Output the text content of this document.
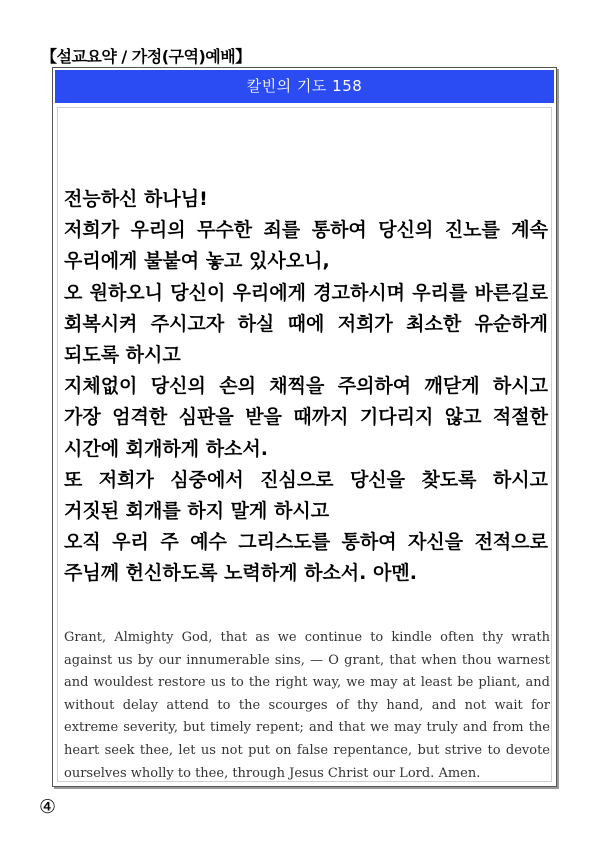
【설교요약 / 가정(구역)예배】
칼빈의 기도 158
전능하신 하나님!
저희가 우리의 무수한 죄를 통하여 당신의 진노를 계속 우리에게 불붙여 놓고 있사오니,
오 원하오니 당신이 우리에게 경고하시며 우리를 바른길로 회복시켜 주시고자 하실 때에 저희가 최소한 유순하게 되도록 하시고
지체없이 당신의 손의 채찍을 주의하여 깨닫게 하시고 가장 엄격한 심판을 받을 때까지 기다리지 않고 적절한 시간에 회개하게 하소서.
또 저희가 심중에서 진심으로 당신을 찾도록 하시고 거짓된 회개를 하지 말게 하시고
오직 우리 주 예수 그리스도를 통하여 자신을 전적으로 주님께 헌신하도록 노력하게 하소서. 아멘.
Grant, Almighty God, that as we continue to kindle often thy wrath against us by our innumerable sins, — O grant, that when thou warnest and wouldest restore us to the right way, we may at least be pliant, and without delay attend to the scourges of thy hand, and not wait for extreme severity, but timely repent; and that we may truly and from the heart seek thee, let us not put on false repentance, but strive to devote ourselves wholly to thee, through Jesus Christ our Lord. Amen.
④
